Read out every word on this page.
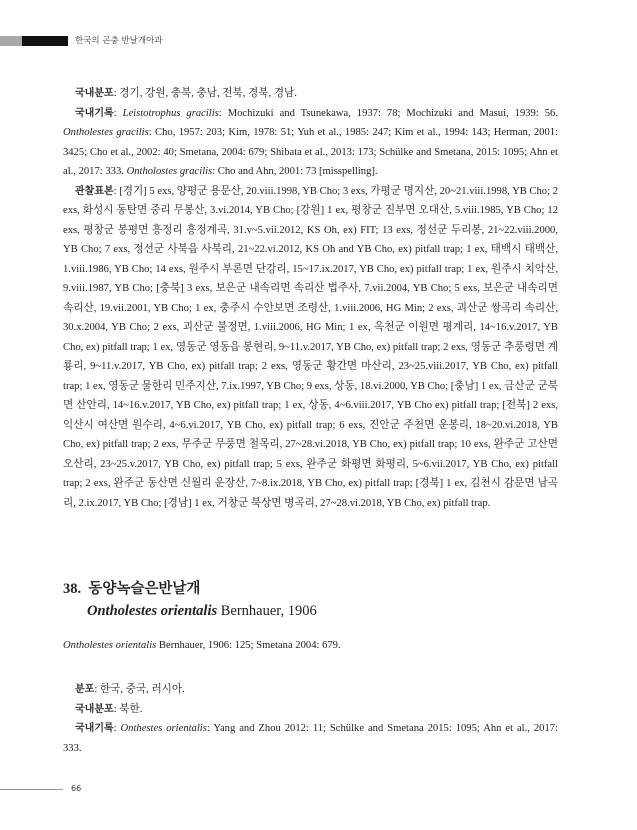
한국의 곤충 반날개아과

국내분포: 경기, 강원, 충북, 충남, 전북, 경북, 경남.

국내기록: Leistotrophus gracilis: Mochizuki and Tsunekawa, 1937: 78; Mochizuki and Masui, 1939: 56. Ontholestes gracilis: Cho, 1957: 203; Kim, 1978: 51; Yuh et al., 1985: 247; Kim et al., 1994: 143; Herman, 2001: 3425; Cho et al., 2002: 40; Smetana, 2004: 679; Shibata et al., 2013: 173; Schülke and Smetana, 2015: 1095; Ahn et al., 2017: 333. Ontholostes gracilis: Cho and Ahn, 2001: 73 [misspelling].

관찰표본: [경기] 5 exs, 양평군 용문산, 20.viii.1998, YB Cho; 3 exs, 가평군 명지산, 20~21.viii.1998, YB Cho; 2 exs, 화성시 동탄면 중리 무봉산, 3.vi.2014, YB Cho; [강원] 1 ex, 평창군 진부면 오대산, 5.viii.1985, YB Cho; 12 exs, 평창군 봉평면 흥정리 흥정계곡, 31.v~5.vii.2012, KS Oh, ex) FIT; 13 exs, 정선군 두리봉, 21~22.viii.2000, YB Cho; 7 exs, 정선군 사북읍 사북리, 21~22.vi.2012, KS Oh and YB Cho, ex) pitfall trap; 1 ex, 태백시 태백산, 1.viii.1986, YB Cho; 14 exs, 원주시 부론면 단강리, 15~17.ix.2017, YB Cho, ex) pitfall trap; 1 ex, 원주시 치악산, 9.viii.1987, YB Cho; [충북] 3 exs, 보은군 내속리면 속리산 법주사, 7.vii.2004, YB Cho; 5 exs, 보은군 내속리면 속리산, 19.vii.2001, YB Cho; 1 ex, 충주시 수안보면 조령산, 1.viii.2006, HG Min; 2 exs, 괴산군 쌍곡리 속리산, 30.x.2004, YB Cho; 2 exs, 괴산군 불정면, 1.viii.2006, HG Min; 1 ex, 옥천군 이원면 평계리, 14~16.v.2017, YB Cho, ex) pitfall trap; 1 ex, 영동군 영동읍 봉현리, 9~11.v.2017, YB Cho, ex) pitfall trap; 2 exs, 영동군 추풍령면 계룡리, 9~11.v.2017, YB Cho, ex) pitfall trap; 2 exs, 영동군 황간면 마산리, 23~25.viii.2017, YB Cho, ex) pitfall trap; 1 ex, 영동군 물한리 민주지산, 7.ix.1997, YB Cho; 9 exs, 상동, 18.vi.2000, YB Cho; [충남] 1 ex, 금산군 군북면 산안리, 14~16.v.2017, YB Cho, ex) pitfall trap; 1 ex, 상동, 4~6.viii.2017, YB Cho ex) pitfall trap; [전북] 2 exs, 익산시 여산면 원수리, 4~6.vi.2017, YB Cho, ex) pitfall trap; 6 exs, 진안군 주천면 운봉리, 18~20.vi.2018, YB Cho, ex) pitfall trap; 2 exs, 무주군 무풍면 철목리, 27~28.vi.2018, YB Cho, ex) pitfall trap; 10 exs, 완주군 고산면 오산리, 23~25.v.2017, YB Cho, ex) pitfall trap; 5 exs, 완주군 화평면 화평리, 5~6.vii.2017, YB Cho, ex) pitfall trap; 2 exs, 완주군 동산면 신월리 운장산, 7~8.ix.2018, YB Cho, ex) pitfall trap; [경북] 1 ex, 김천시 감문면 남곡리, 2.ix.2017, YB Cho; [경남] 1 ex, 거창군 북상면 병곡리, 27~28.vi.2018, YB Cho, ex) pitfall trap.

38. 동양녹슬은반날개
Ontholestes orientalis Bernhauer, 1906
Ontholestes orientalis Bernhauer, 1906: 125; Smetana 2004: 679.

분포: 한국, 중국, 러시아.

국내분포: 북한.

국내기록: Onthestes orientalis: Yang and Zhou 2012: 11; Schülke and Smetana 2015: 1095; Ahn et al., 2017: 333.

66
